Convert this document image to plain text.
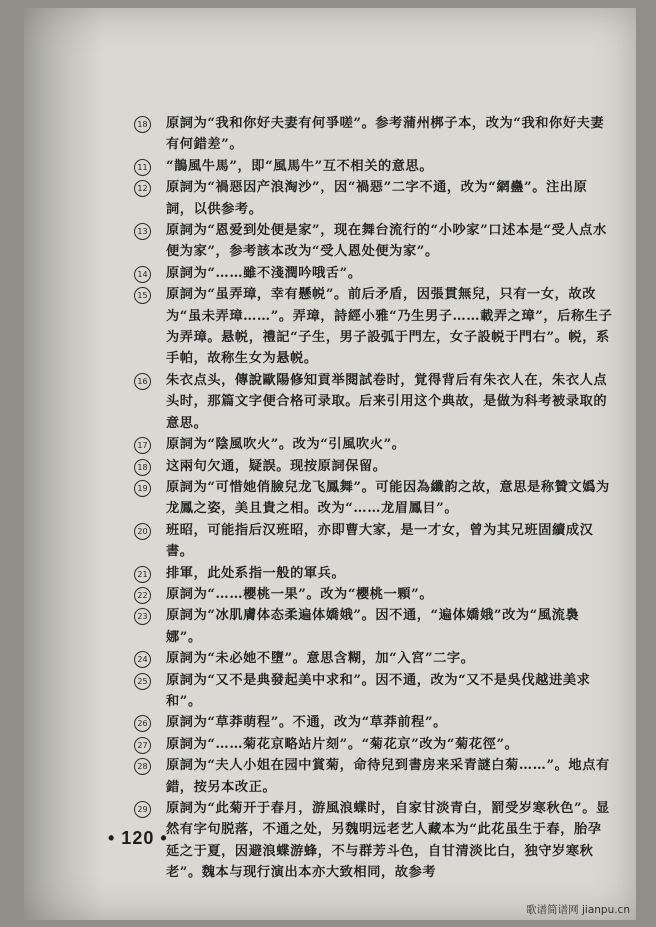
18 原詞为“我和你好夫妻有何爭嗟”。参考蒲州梆子本，改为“我和你好夫妻有何錯差”。
11 “鵲風牛馬”，即“風馬牛”互不相关的意思。
12 原詞为“禍惡因产浪淘沙”，因“禍惡”二字不通，改为“網蠱”。注出原詞，以供参考。
13 原詞为“恩爱到处便是家”，现在舞台流行的“小吵家”口述本是“受人点水便为家”，参考該本改为“受人恩处便为家”。
14 原詞为“……雖不淺潤吟哦舌”。
15 原詞为“虽弄璋，幸有懸帨”。前后矛盾，因張貫無兒，只有一女，故改为“虽未弄璋……”。弄璋，詩經小雅“乃生男子……載弄之璋”，后称生子为弄璋。悬帨，禮記“子生，男子設弧于門左，女子設帨于門右”。帨，系手帕，故称生女为悬帨。
16 朱衣点头，傳說歐陽修知貢举閱試卷时，覚得背后有朱衣人在，朱衣人点头时，那篇文字便合格可录取。后来引用这个典故，是做为科考被录取的意思。
17 原詞为“陰風吹火”。改为“引風吹火”。
18 这兩句欠通，疑誤。现按原詞保留。
19 原詞为“可惜她俏臉兒龙飞鳳舞”。可能因為纖韵之故，意思是称贊文嬀为龙鳳之姿，美且貴之相。改为“……龙眉鳳目”。
20 班昭，可能指后汉班昭，亦即曹大家，是一才女，曾为其兄班固續成汉書。
21 排軍，此处系指一般的軍兵。
22 原詞为“……櫻桃一果”。改为“櫻桃一顆”。
23 原詞为“冰肌膚体态柔遍体嬌娥”。因不通，“遍体嬌娥”改为“風流裊娜”。
24 原詞为“未必她不墮”。意思含糊，加“入宮”二字。
25 原詞为“又不是典發起美中求和”。因不通，改为“又不是吳伐越进美求和”。
26 原詞为“草莽萌程”。不通，改为“草莽前程”。
27 原詞为“……菊花京略站片刻”。“菊花京”改为“菊花徑”。
28 原詞为“夫人小姐在园中賞菊，命待兒到書房来采青謎白菊……”。地点有錯，按另本改正。
29 原詞为“此菊开于春月，游風浪蝶时，自家甘淡青白，罰受岁寒秋色”。显然有字句脱落，不通之处，另魏明远老艺人藏本为“此花虽生于春，胎孕延之于夏，因避浪蝶游蜂，不与群芳斗色，自甘清淡比白，独守岁寒秋老”。魏本与现行演出本亦大致相同，故参考
• 120 •
歌谱简谱网 jianpu.cn
